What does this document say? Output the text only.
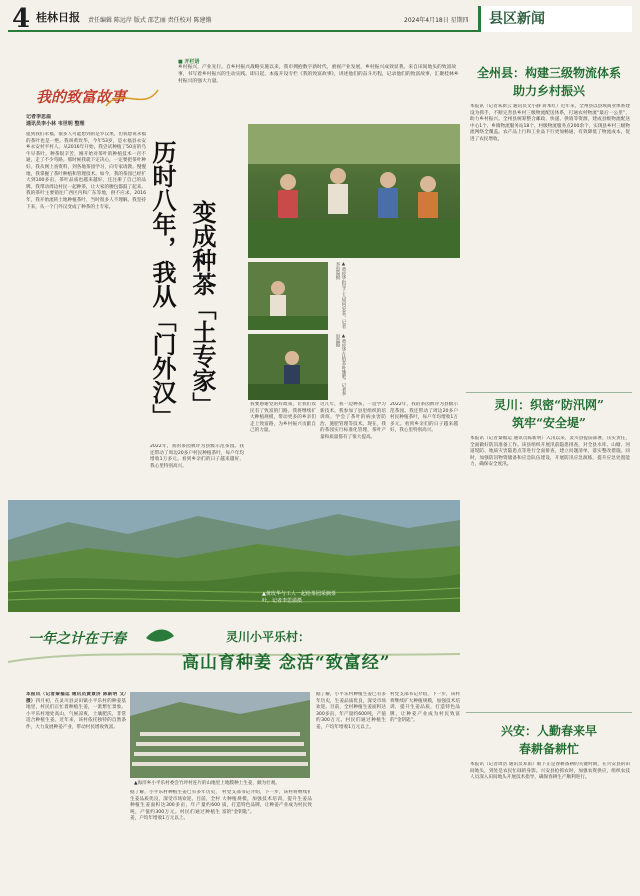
4 桂林日报 责任编辑 陈远岸 版式 邵艺丽 责任校对 陈建锵	2024年4月18日 星期四	县区新闻
我的致富故事
■ 开栏语
乡村振兴，产业先行。自乡村振兴战略实施以来，我市拥抱数字新时代，重视产业发展，乡村振兴成效显著。来自田间地头的致富故事，书写着乡村振兴的生动实践。即日起，本报开设专栏《我的致富故事》，讲述他们的奋斗历程，记录他们的致富故事，汇聚桂林乡村振兴的强大力量。
记者李思溢
通讯员李小林 韦世明 整理
提到我们永福，很多人可能想到的是罗汉果，但我想说永福的茶叶也是一绝。我叫黄玫华，今年53岁，是永福县永安乡永安村平村人。从2016年开始，我尝试种植了50亩的乌牛早茶叶。种茶很辛苦，刚开始对茶叶的种植技术一窍不通，走了不少弯路。那时候我就下定决心，一定要把茶叶种好。我从网上查资料，到各地茶园学习，向专家请教。慢慢地，我掌握了茶叶种植和管理技术。如今，我的茶园已经扩大到100多亩，茶叶品质也越来越好，还注册了自己的品牌。我带动周边村民一起种茶，让大家的腰包都鼓了起来。我的茶叶主要销往广西区内和广东等地，供不应求。2016年，我开始流转土地种植茶叶，当时很多人不理解。我坚持下来，从一个门外汉变成了种茶的土专家。	历时八年，我从「门外汉」 变成种茶「土专家」	▲黄玫华指导工人如何采茶。记者李思溢摄
▲黄玫华在给茶叶施肥。记者李思溢摄
我要感谢党的好政策，让我们农民有了致富的门路。我将继续扩大种植规模，带动更多的乡亲们走上致富路，为乡村振兴贡献自己的力量。
这几年，我一边种茶，一边学习新技术。我参加了县里组织的培训班，学会了茶叶的病虫害防治、施肥管理等技术。现在，我的茶园实行标准化管理，茶叶产量和质量都有了很大提高。
2022年，我的茶园被评为县级示范茶园。我还带动了周边20多户村民种植茶叶，每户年均增收1万多元。看到乡亲们的日子越来越好，我心里特别高兴。
2022年，我的茶园被评为县级示范茶园。我还带动了周边20多户村民种植茶叶，每户年均增收1万多元。看到乡亲们的日子越来越好，我心里特别高兴。
▲黄玫华与工人一起给茶园采摘茶叶。记者李思溢摄
一年之计在于春	灵川小平乐村：
高山育种姜 念活“致富经”
本报讯（记者秦福运 通讯员黄景济 陈新明 文/摄）四月初，在灵川县灵田镇小平乐村的种姜基地里，村民们正忙着种植生姜，一派繁忙景象。小平乐村地处高山，气候凉爽，土壤肥沃，非常适合种植生姜。近年来，该村依托独特的自然条件，大力发展种姜产业，带动村民增收致富。
▲海洋乡小平乐村委会竹坪村连片的山地里上地膜种上生姜，颇为壮观。
据了解，小平乐村种植生姜已有多年历史，生姜品质优良，深受市场欢迎。目前，全村种植生姜面积达300多亩，年产量约600吨，产值约300万元。村民们通过种植生姜，户均年增收1万元以上。
村党支部书记介绍，下一步，该村将继续扩大种植规模，加强技术培训，提升生姜品质，打造特色品牌，让种姜产业成为村民致富的“金钥匙”。
据了解，小平乐村种植生姜已有多年历史，生姜品质优良，深受市场欢迎。目前，全村种植生姜面积达300多亩，年产量约600吨，产值约300万元。村民们通过种植生姜，户均年增收1万元以上。
村党支部书记介绍，下一步，该村将继续扩大种植规模，加强技术培训，提升生姜品质，打造特色品牌，让种姜产业成为村民致富的“金钥匙”。
全州县：构建三级物流体系
助力乡村振兴
本报讯（记者朱新云 通讯员文小静 蒋本红）近年来，全州县以县域商业体系建设为抓手，不断完善县乡村三级物流配送体系，打通农村物流“最后一公里”，助力乡村振兴。全州县统筹整合邮政、快递、供销等资源，建成县级物流配送中心1个、乡镇物流服务站18个、村级物流服务点200余个，实现县乡村三级物流网络全覆盖。农产品上行和工业品下行更加畅通，有效降低了物流成本，促进了农民增收。
灵川：织密“防汛网”
筑牢“安全堤”
本报讯（记者秦福运 通讯员陈新明）入汛以来，灵川县提前部署，压实责任，全面做好防汛准备工作。该县组织开展汛前隐患排查，对全县水库、山塘、河道堤防、地质灾害隐患点等进行全面排查，建立问题清单，落实整改措施。同时，加强防汛物资储备和应急队伍建设，开展防汛应急演练，提升应急处置能力，确保安全度汛。
兴安：人勤春来早
春耕备耕忙
本报讯（记者周浩 通讯员邓雨）眼下正是春耕备耕的关键时期，在兴安县的田间地头，到处是农民忙碌的身影。兴安县抢抓农时，加强农资供应，组织农技人员深入田间地头开展技术指导，确保春耕生产顺利进行。
